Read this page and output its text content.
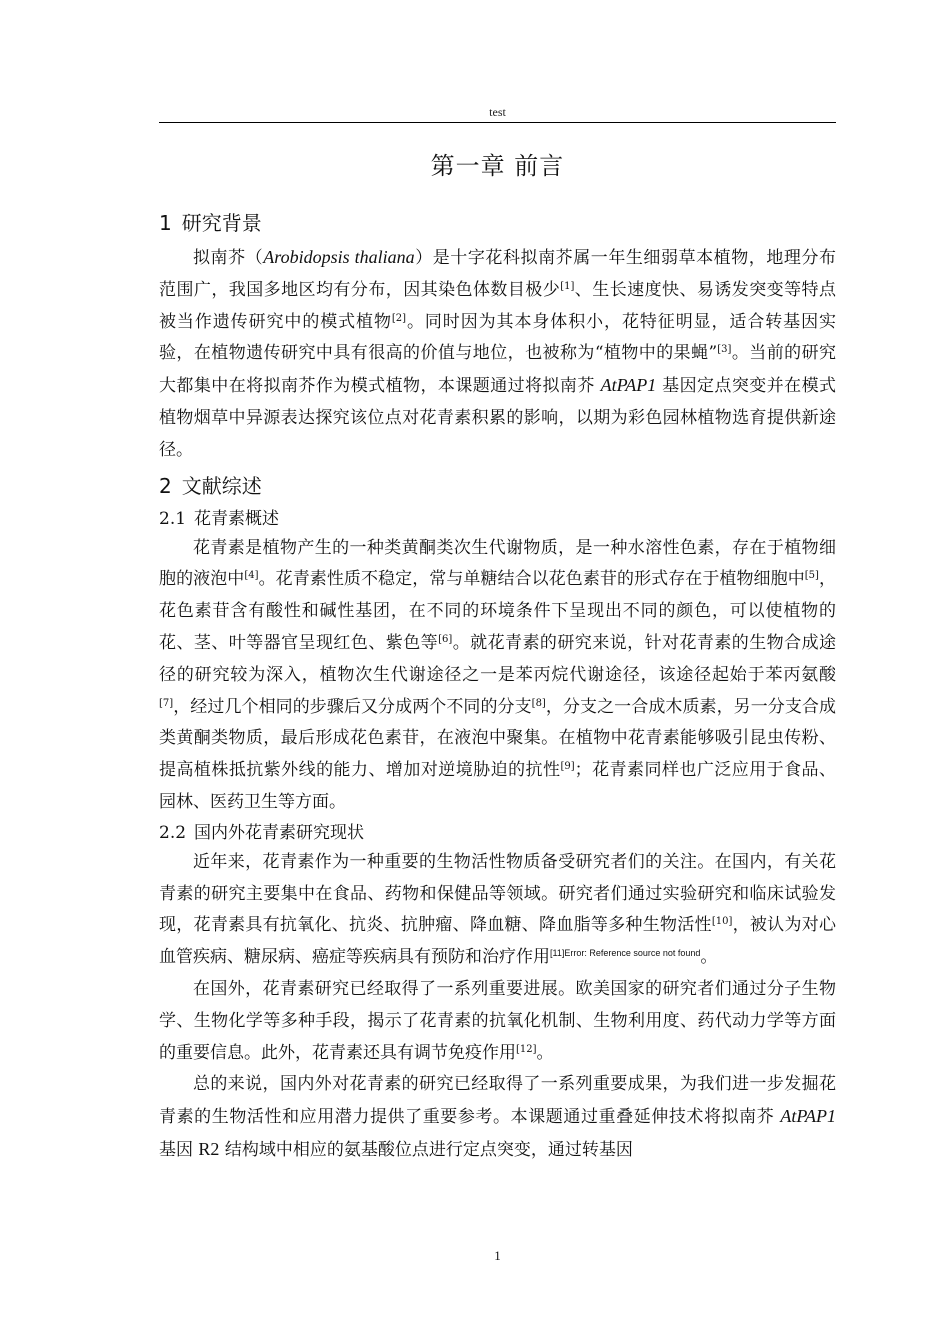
test
第一章 前言
1 研究背景

拟南芥（Arobidopsis thaliana）是十字花科拟南芥属一年生细弱草本植物，地理分布范围广，我国多地区均有分布，因其染色体数目极少[1]、生长速度快、易诱发突变等特点被当作遗传研究中的模式植物[2]。同时因为其本身体积小，花特征明显，适合转基因实验，在植物遗传研究中具有很高的价值与地位，也被称为“植物中的果蝇”[3]。当前的研究大都集中在将拟南芥作为模式植物，本课题通过将拟南芥 AtPAP1 基因定点突变并在模式植物烟草中异源表达探究该位点对花青素积累的影响，以期为彩色园林植物选育提供新途径。

2 文献综述
2.1 花青素概述

花青素是植物产生的一种类黄酮类次生代谢物质，是一种水溶性色素，存在于植物细胞的液泡中[4]。花青素性质不稳定，常与单糖结合以花色素苷的形式存在于植物细胞中[5]，花色素苷含有酸性和碱性基团，在不同的环境条件下呈现出不同的颜色，可以使植物的花、茎、叶等器官呈现红色、紫色等[6]。就花青素的研究来说，针对花青素的生物合成途径的研究较为深入，植物次生代谢途径之一是苯丙烷代谢途径，该途径起始于苯丙氨酸[7]，经过几个相同的步骤后又分成两个不同的分支[8]，分支之一合成木质素，另一分支合成类黄酮类物质，最后形成花色素苷，在液泡中聚集。在植物中花青素能够吸引昆虫传粉、提高植株抵抗紫外线的能力、增加对逆境胁迫的抗性[9]；花青素同样也广泛应用于食品、园林、医药卫生等方面。

2.2 国内外花青素研究现状

近年来，花青素作为一种重要的生物活性物质备受研究者们的关注。在国内，有关花青素的研究主要集中在食品、药物和保健品等领域。研究者们通过实验研究和临床试验发现，花青素具有抗氧化、抗炎、抗肿瘤、降血糖、降血脂等多种生物活性[10]，被认为对心血管疾病、糖尿病、癌症等疾病具有预防和治疗作用$^{[11]Error: Reference source not found}$。

在国外，花青素研究已经取得了一系列重要进展。欧美国家的研究者们通过分子生物学、生物化学等多种手段，揭示了花青素的抗氧化机制、生物利用度、药代动力学等方面的重要信息。此外，花青素还具有调节免疫作用[12]。

总的来说，国内外对花青素的研究已经取得了一系列重要成果，为我们进一步发掘花青素的生物活性和应用潜力提供了重要参考。本课题通过重叠延伸技术将拟南芥 AtPAP1 基因 R2 结构域中相应的氨基酸位点进行定点突变，通过转基因

1
